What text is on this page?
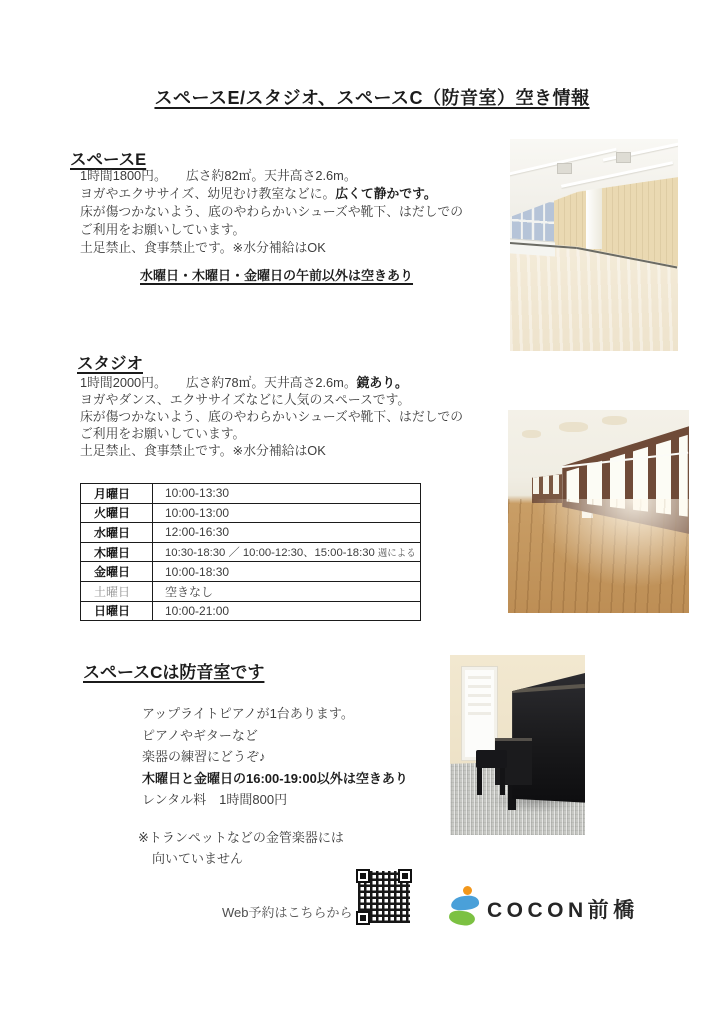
スペースE/スタジオ、スペースC（防音室）空き情報
スペースE
1時間1800円。　　広さ約82㎡。天井高さ2.6m。
ヨガやエクササイズ、幼児むけ教室などに。広くて静かです。
床が傷つかないよう、底のやわらかいシューズや靴下、はだしでの
ご利用をお願いしています。
土足禁止、食事禁止です。※水分補給はOK
水曜日・木曜日・金曜日の午前以外は空きあり
スタジオ
1時間2000円。　　広さ約78㎡。天井高さ2.6m。鏡あり。
ヨガやダンス、エクササイズなどに人気のスペースです。
床が傷つかないよう、底のやわらかいシューズや靴下、はだしでの
ご利用をお願いしています。
土足禁止、食事禁止です。※水分補給はOK
月曜日	10:00-13:30
火曜日	10:00-13:00
水曜日	12:00-16:30
木曜日	10:30-18:30 ／ 10:00-12:30、15:00-18:30 週による
金曜日	10:00-18:30
土曜日	空きなし
日曜日	10:00-21:00
スペースCは防音室です
アップライトピアノが1台あります。
ピアノやギターなど
楽器の練習にどうぞ♪
木曜日と金曜日の16:00-19:00以外は空きあり
レンタル料　1時間800円
※トランペットなどの金管楽器には
向いていません
Web予約はこちらから	COCON前橋
